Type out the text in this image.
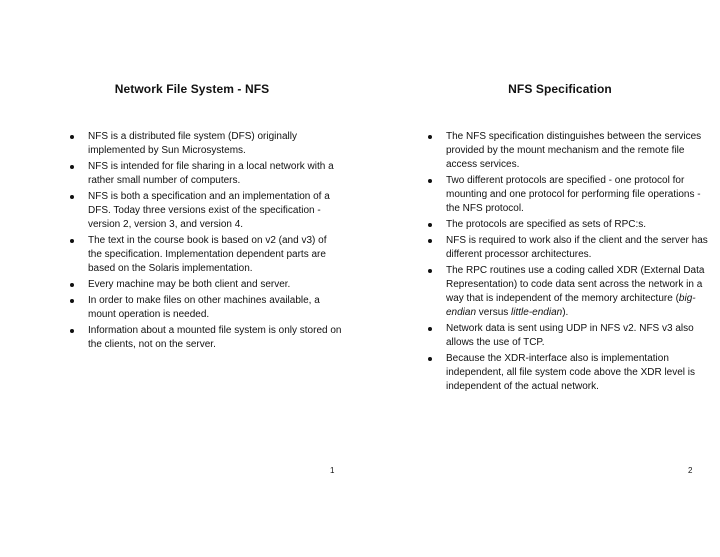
Network File System - NFS
NFS is a distributed file system (DFS) originally implemented by Sun Microsystems.
NFS is intended for file sharing in a local network with a rather small number of computers.
NFS is both a specification and an implementation of a DFS. Today three versions exist of the specification - version 2, version 3, and version 4.
The text in the course book is based on v2 (and v3) of the specification. Implementation dependent parts are based on the Solaris implementation.
Every machine may be both client and server.
In order to make files on other machines available, a mount operation is needed.
Information about a mounted file system is only stored on the clients, not on the server.
1
NFS Specification
The NFS specification distinguishes between the services provided by the mount mechanism and the remote file access services.
Two different protocols are specified - one protocol for mounting and one protocol for performing file operations - the NFS protocol.
The protocols are specified as sets of RPC:s.
NFS is required to work also if the client and the server has different processor architectures.
The RPC routines use a coding called XDR (External Data Representation) to code data sent across the network in a way that is independent of the memory architecture (big-endian versus little-endian).
Network data is sent using UDP in NFS v2. NFS v3 also allows the use of TCP.
Because the XDR-interface also is implementation independent, all file system code above the XDR level is independent of the actual network.
2
